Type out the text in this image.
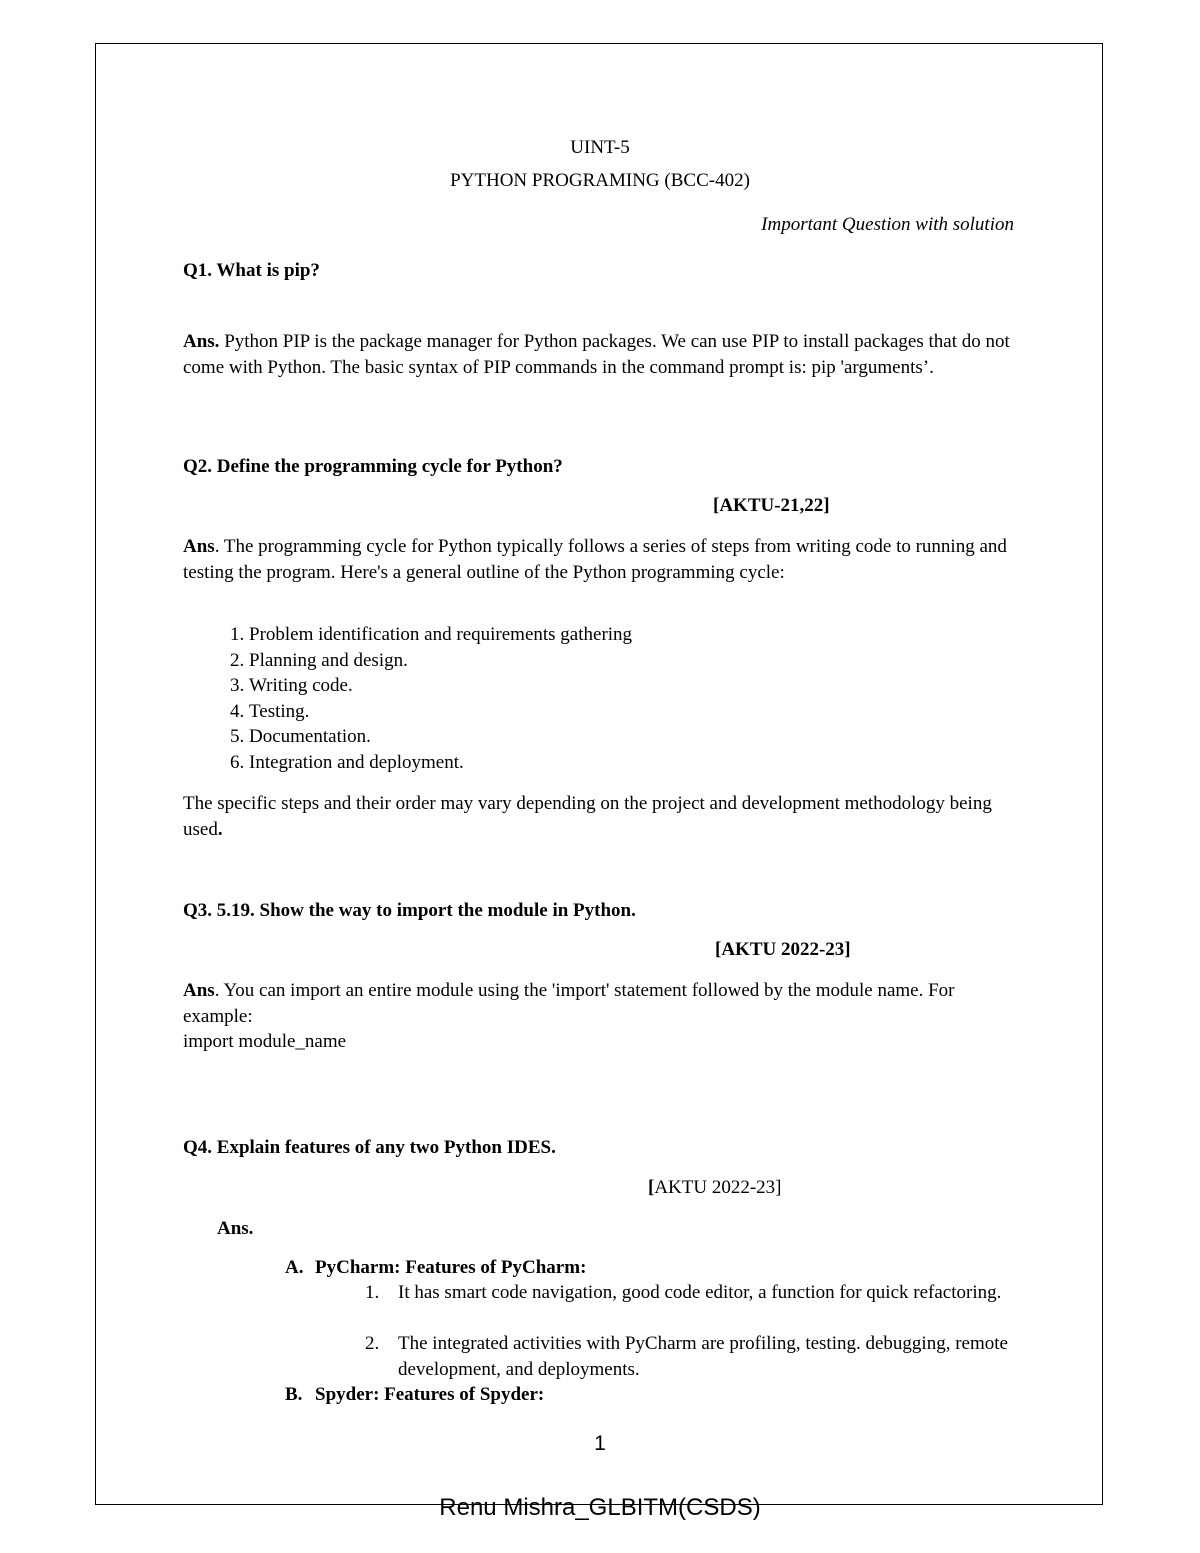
UINT-5
PYTHON PROGRAMING (BCC-402)
Important Question with solution
Q1. What is pip?
Ans. Python PIP is the package manager for Python packages. We can use PIP to install packages that do not come with Python. The basic syntax of PIP commands in the command prompt is: pip 'arguments’.
Q2. Define the programming cycle for Python?
[AKTU-21,22]
Ans. The programming cycle for Python typically follows a series of steps from writing code to running and testing the program. Here's a general outline of the Python programming cycle:
1. Problem identification and requirements gathering
2. Planning and design.
3. Writing code.
4. Testing.
5. Documentation.
6. Integration and deployment.
The specific steps and their order may vary depending on the project and development methodology being used.
Q3. 5.19. Show the way to import the module in Python.
[AKTU 2022-23]
Ans. You can import an entire module using the 'import' statement followed by the module name. For example:
import module_name
Q4. Explain features of any two Python IDES.
[AKTU 2022-23]
Ans.
A. PyCharm: Features of PyCharm:
1. It has smart code navigation, good code editor, a function for quick refactoring.
2. The integrated activities with PyCharm are profiling, testing. debugging, remote development, and deployments.
B. Spyder: Features of Spyder:
1
Renu Mishra_GLBITM(CSDS)
